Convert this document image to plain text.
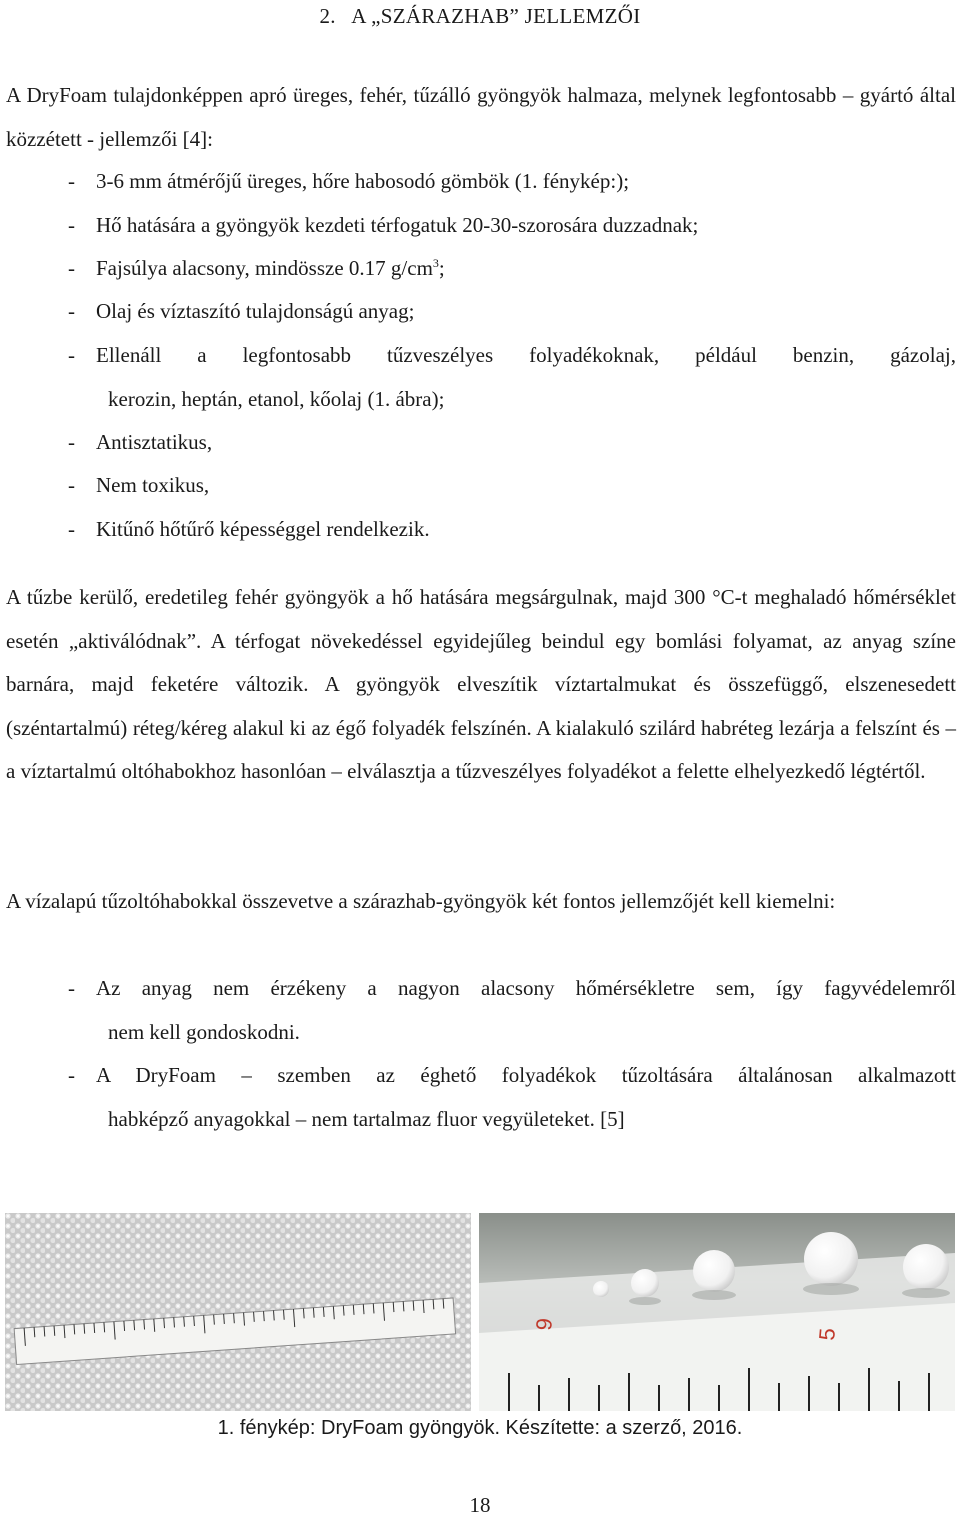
2.   A „SZÁRAZHAB” JELLEMZŐI

A DryFoam tulajdonképpen apró üreges, fehér, tűzálló gyöngyök halmaza, melynek legfontosabb – gyártó által közzétett - jellemzői [4]:

- 3-6 mm átmérőjű üreges, hőre habosodó gömbök (1. fénykép:);

- Hő hatására a gyöngyök kezdeti térfogatuk 20-30-szorosára duzzadnak;

- Fajsúlya alacsony, mindössze 0.17 $g/cm^3$;

- Olaj és víztaszító tulajdonságú anyag;

-	Ellenáll a legfontosabb tűzveszélyes folyadékoknak, például benzin, gázolaj,
kerozin, heptán, etanol, kőolaj (1. ábra);

- Antisztatikus,

- Nem toxikus,

- Kitűnő hőtűrő képességgel rendelkezik.

A tűzbe kerülő, eredetileg fehér gyöngyök a hő hatására megsárgulnak, majd 300 °C-t meghaladó hőmérséklet esetén „aktiválódnak”. A térfogat növekedéssel egyidejűleg beindul egy bomlási folyamat, az anyag színe barnára, majd feketére változik. A gyöngyök elveszítik víztartalmukat és összefüggő, elszenesedett (széntartalmú) réteg/kéreg alakul ki az égő folyadék felszínén. A kialakuló szilárd habréteg lezárja a felszínt és – a víztartalmú oltóhabokhoz hasonlóan – elválasztja a tűzveszélyes folyadékot a felette elhelyezkedő légtértől.

A vízalapú tűzoltóhabokkal összevetve a szárazhab-gyöngyök két fontos jellemzőjét kell kiemelni:

-	Az anyag nem érzékeny a nagyon alacsony hőmérsékletre sem, így fagyvédelemről
nem kell gondoskodni.
-	A DryFoam – szemben az éghető folyadékok tűzoltására általánosan alkalmazott
habképző anyagokkal – nem tartalmaz fluor vegyületeket. [5]
9
5
1. fénykép: DryFoam gyöngyök. Készítette: a szerző, 2016.
18
